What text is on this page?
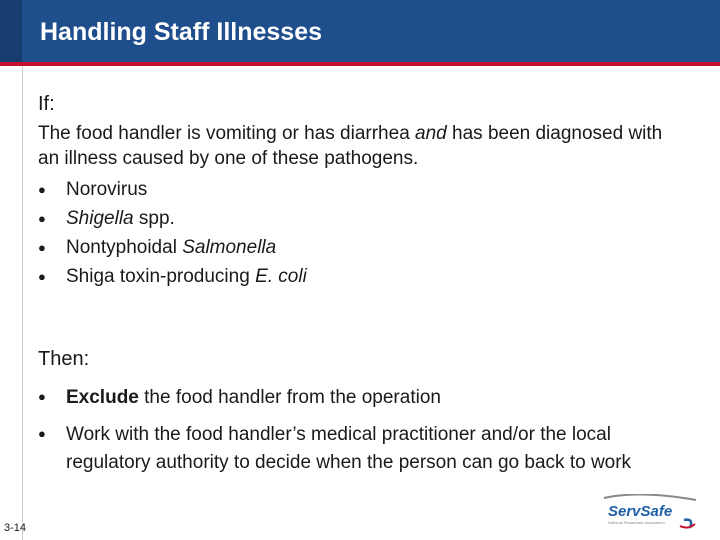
Handling Staff Illnesses
If:
The food handler is vomiting or has diarrhea and has been diagnosed with an illness caused by one of these pathogens.
●	Norovirus
●	Shigella spp.
●	Nontyphoidal Salmonella
●	Shiga toxin-producing E. coli
Then:
●	Exclude the food handler from the operation
●	Work with the food handler’s medical practitioner and/or the local regulatory authority to decide when the person can go back to work
3-14
ServSafe
National Restaurant Association
